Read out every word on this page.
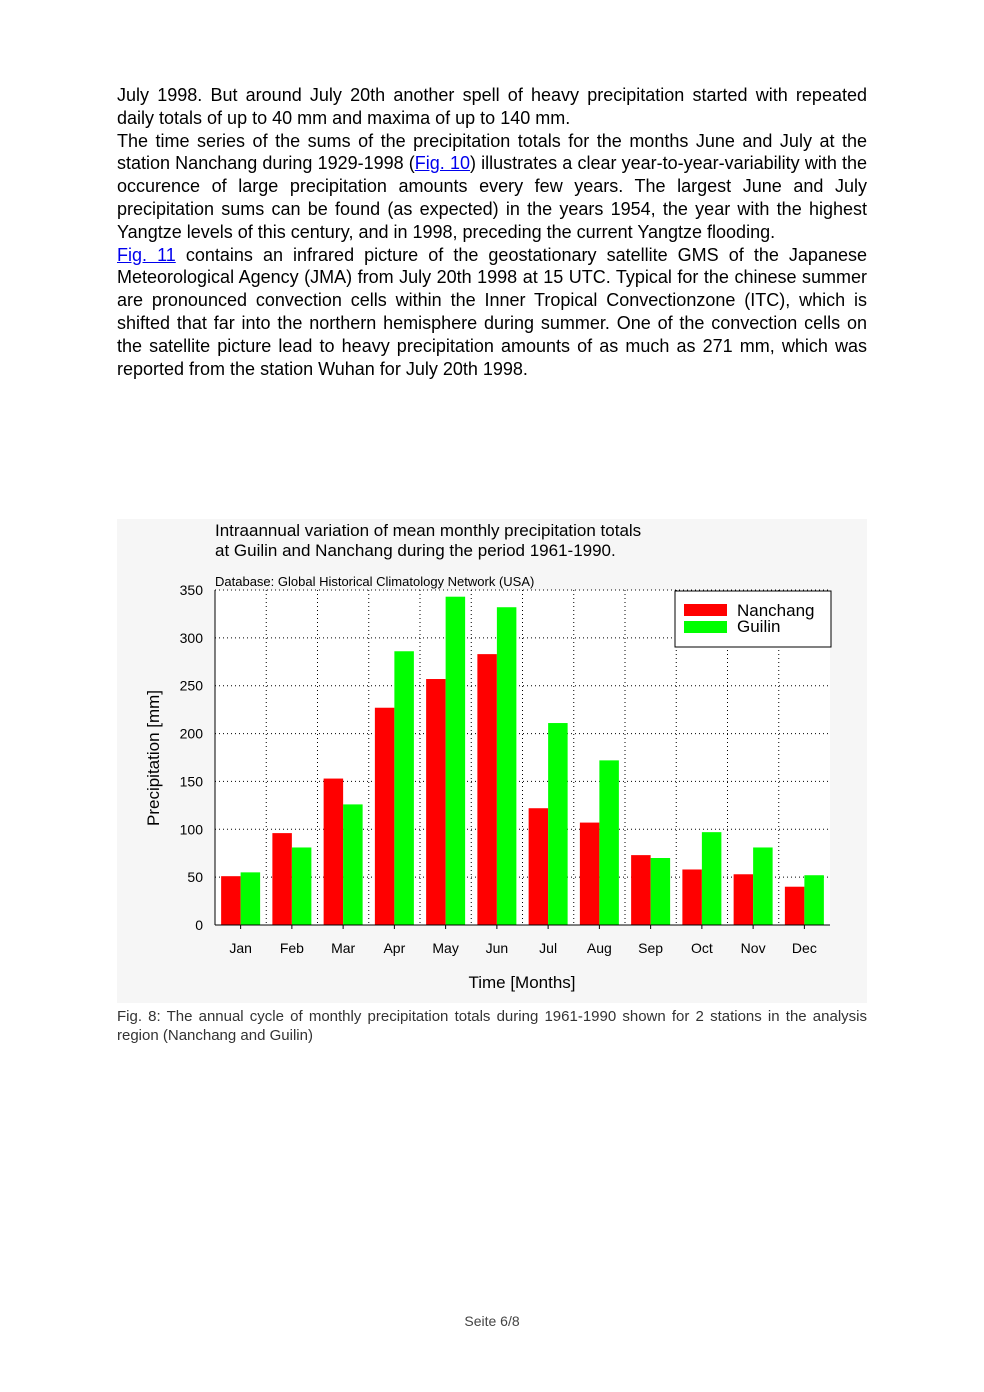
July 1998. But around July 20th another spell of heavy precipitation started with repeated daily totals of up to 40 mm and maxima of up to 140 mm.

The time series of the sums of the precipitation totals for the months June and July at the station Nanchang during 1929-1998 (Fig. 10) illustrates a clear year-to-year-variability with the occurence of large precipitation amounts every few years. The largest June and July precipitation sums can be found (as expected) in the years 1954, the year with the highest Yangtze levels of this century, and in 1998, preceding the current Yangtze flooding.

Fig. 11 contains an infrared picture of the geostationary satellite GMS of the Japanese Meteorological Agency (JMA) from July 20th 1998 at 15 UTC. Typical for the chinese summer are pronounced convection cells within the Inner Tropical Convectionzone (ITC), which is shifted that far into the northern hemisphere during summer. One of the convection cells on the satellite picture lead to heavy precipitation amounts of as much as 271 mm, which was reported from the station Wuhan for July 20th 1998.

Intraannual variation of mean monthly precipitation totals
at Guilin and Nanchang during the period 1961-1990.
Database: Global Historical Climatology Network (USA)
0
50
100
150
200
250
300
350
Jan Feb Mar Apr May Jun Jul Aug Sep Oct Nov Dec
Time [Months]
Precipitation [mm]
Nanchang
Guilin
Fig. 8: The annual cycle of monthly precipitation totals during 1961-1990 shown for 2 stations in the analysis region (Nanchang and Guilin)
Seite 6/8
